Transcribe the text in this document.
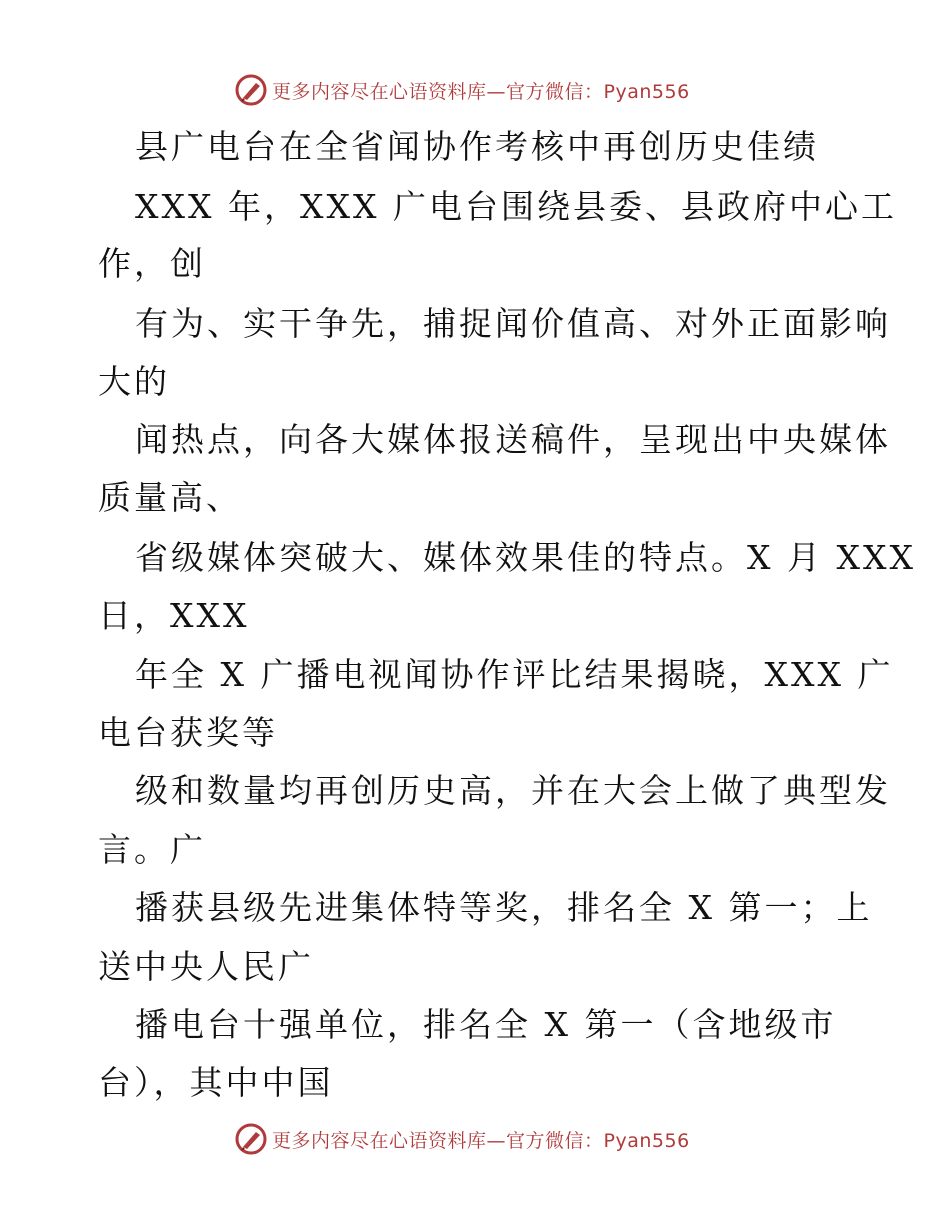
更多内容尽在心语资料库—官方微信：Pyan556
县广电台在全省闻协作考核中再创历史佳绩
XXX 年，XXX 广电台围绕县委、县政府中心工
作，创
有为、实干争先，捕捉闻价值高、对外正面影响
大的
闻热点，向各大媒体报送稿件，呈现出中央媒体
质量高、
省级媒体突破大、媒体效果佳的特点。X 月 XXX
日，XXX
年全 X 广播电视闻协作评比结果揭晓，XXX 广
电台获奖等
级和数量均再创历史高，并在大会上做了典型发
言。广
播获县级先进集体特等奖，排名全 X 第一；上
送中央人民广
播电台十强单位，排名全 X 第一（含地级市
台），其中中国
更多内容尽在心语资料库—官方微信：Pyan556
